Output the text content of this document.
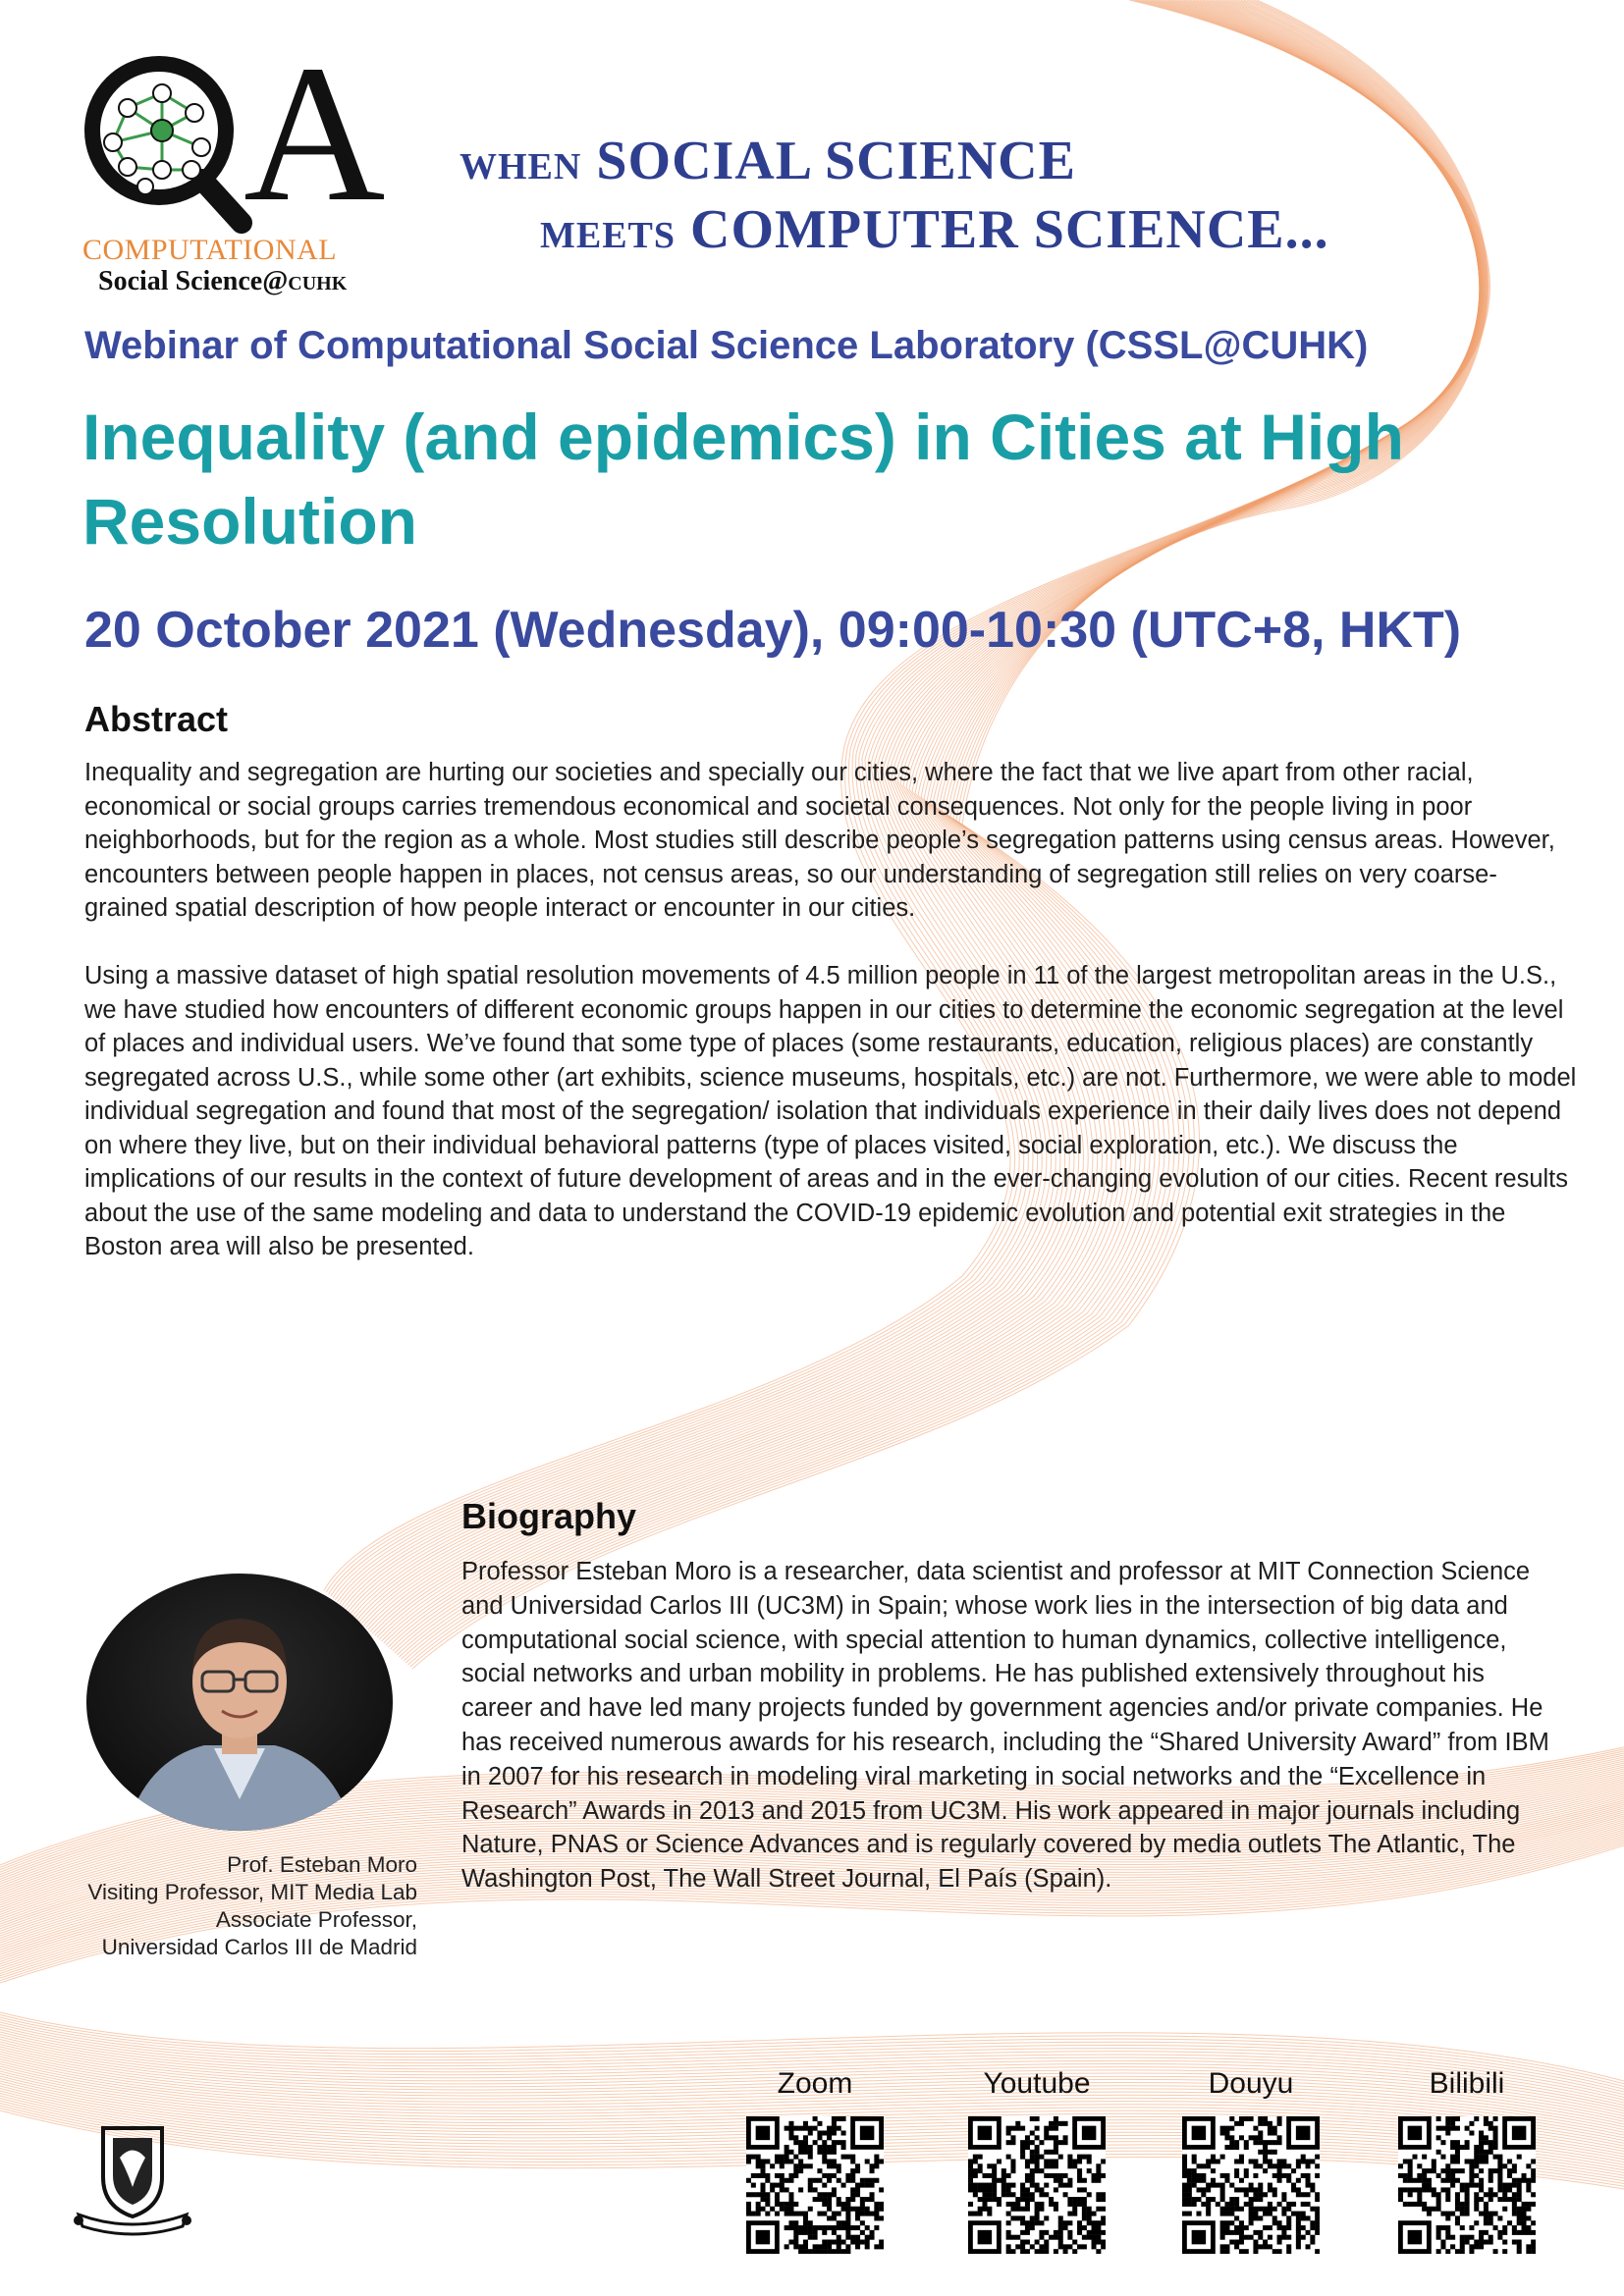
A
COMPUTATIONAL
Social Science@CUHK
WHEN SOCIAL SCIENCE
MEETS COMPUTER SCIENCE...
Webinar of Computational Social Science Laboratory (CSSL@CUHK)
Inequality (and epidemics) in Cities at High Resolution
20 October 2021 (Wednesday), 09:00-10:30 (UTC+8, HKT)
Abstract

Inequality and segregation are hurting our societies and specially our cities, where the fact that we live apart from other racial, economical or social groups carries tremendous economical and societal consequences. Not only for the people living in poor neighborhoods, but for the region as a whole. Most studies still describe people’s segregation patterns using census areas. However, encounters between people happen in places, not census areas, so our understanding of segregation still relies on very coarse-grained spatial description of how people interact or encounter in our cities.

Using a massive dataset of high spatial resolution movements of 4.5 million people in 11 of the largest metropolitan areas in the U.S., we have studied how encounters of different economic groups happen in our cities to determine the economic segregation at the level of places and individual users. We’ve found that some type of places (some restaurants, education, religious places) are constantly segregated across U.S., while some other (art exhibits, science museums, hospitals, etc.) are not. Furthermore, we were able to model individual segregation and found that most of the segregation/ isolation that individuals experience in their daily lives does not depend on where they live, but on their individual behavioral patterns (type of places visited, social exploration, etc.). We discuss the implications of our results in the context of future development of areas and in the ever-changing evolution of our cities. Recent results about the use of the same modeling and data to understand the COVID-19 epidemic evolution and potential exit strategies in the Boston area will also be presented.

Prof. Esteban Moro
Visiting Professor, MIT Media Lab
Associate Professor,
Universidad Carlos III de Madrid
Biography
Professor Esteban Moro is a researcher, data scientist and professor at MIT Connection Science and Universidad Carlos III (UC3M) in Spain; whose work lies in the intersection of big data and computational social science, with special attention to human dynamics, collective intelligence, social networks and urban mobility in problems. He has published extensively throughout his career and have led many projects funded by government agencies and/or private companies. He has received numerous awards for his research, including the “Shared University Award” from IBM in 2007 for his research in modeling viral marketing in social networks and the “Excellence in Research” Awards in 2013 and 2015 from UC3M. His work appeared in major journals including Nature, PNAS or Science Advances and is regularly covered by media outlets The Atlantic, The Washington Post, The Wall Street Journal, El País (Spain).
Zoom	Youtube	Douyu	Bilibili
